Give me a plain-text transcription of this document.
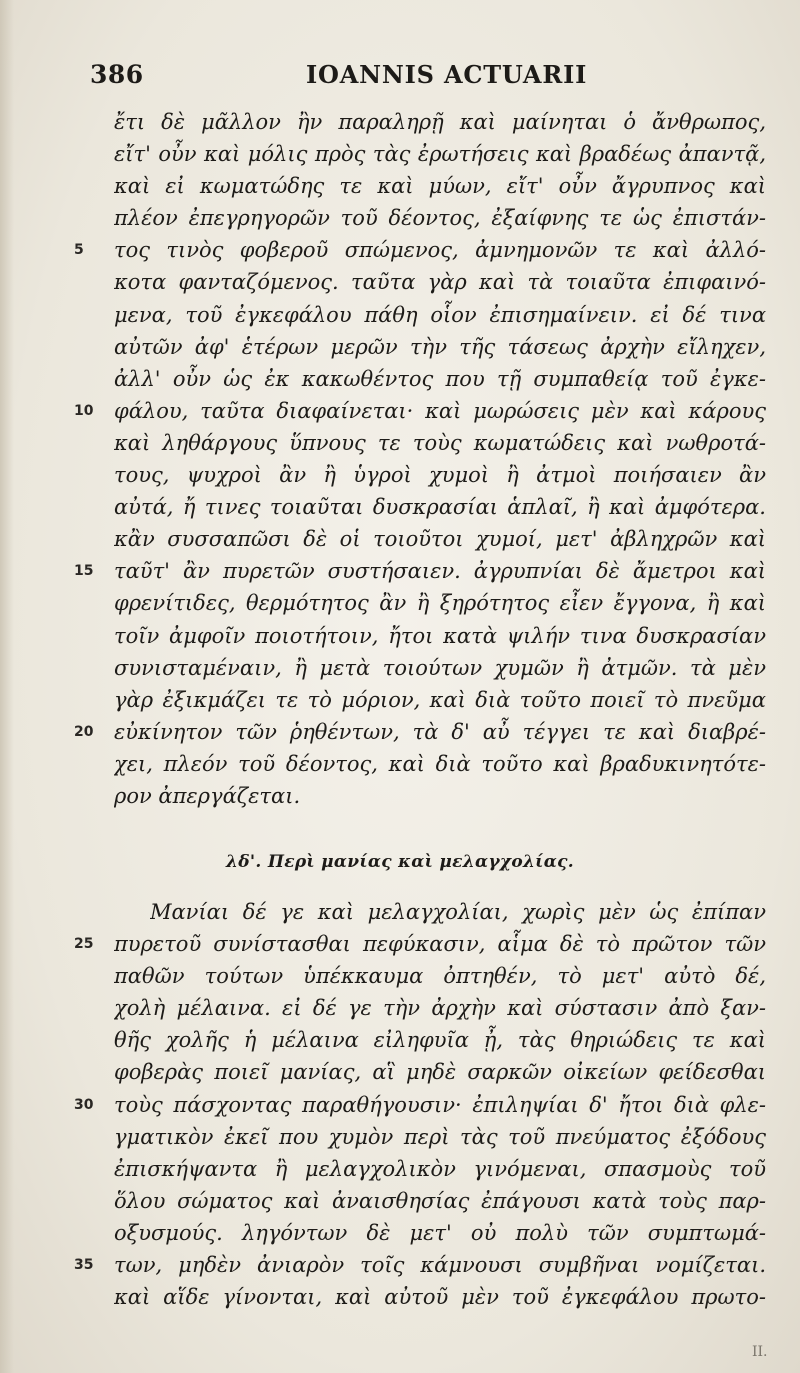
386	IOANNIS ACTUARII
ἔτι δὲ μᾶλλον ἢν παραληρῇ καὶ μαίνηται ὁ ἄνθρωπος,
εἴτ' οὖν καὶ μόλις πρὸς τὰς ἐρωτήσεις καὶ βραδέως ἀπαντᾷ,
καὶ εἰ κωματώδης τε καὶ μύων, εἴτ' οὖν ἄγρυπνος καὶ
πλέον ἐπεγρηγορῶν τοῦ δέοντος, ἐξαίφνης τε ὡς ἐπιστάν-
5 τος τινὸς φοβεροῦ σπώμενος, ἀμνημονῶν τε καὶ ἀλλό-
κοτα φανταζόμενος. ταῦτα γὰρ καὶ τὰ τοιαῦτα ἐπιφαινό-
μενα, τοῦ ἐγκεφάλου πάθη οἷον ἐπισημαίνειν. εἰ δέ τινα
αὐτῶν ἀφ' ἑτέρων μερῶν τὴν τῆς τάσεως ἀρχὴν εἴληχεν,
ἀλλ' οὖν ὡς ἐκ κακωθέντος που τῇ συμπαθείᾳ τοῦ ἐγκε-
10 φάλου, ταῦτα διαφαίνεται· καὶ μωρώσεις μὲν καὶ κάρους
καὶ ληθάργους ὕπνους τε τοὺς κωματώδεις καὶ νωθροτά-
τους, ψυχροὶ ἂν ἢ ὑγροὶ χυμοὶ ἢ ἀτμοὶ ποιήσαιεν ἂν
αὐτά, ἤ τινες τοιαῦται δυσκρασίαι ἁπλαῖ, ἢ καὶ ἀμφότερα.
κἂν συσσαπῶσι δὲ οἱ τοιοῦτοι χυμοί, μετ' ἀβληχρῶν καὶ
15 ταῦτ' ἂν πυρετῶν συστήσαιεν. ἀγρυπνίαι δὲ ἄμετροι καὶ
φρενίτιδες, θερμότητος ἂν ἢ ξηρότητος εἶεν ἔγγονα, ἢ καὶ
τοῖν ἀμφοῖν ποιοτήτοιν, ἤτοι κατὰ ψιλήν τινα δυσκρασίαν
συνισταμέναιν, ἢ μετὰ τοιούτων χυμῶν ἢ ἀτμῶν. τὰ μὲν
γὰρ ἐξικμάζει τε τὸ μόριον, καὶ διὰ τοῦτο ποιεῖ τὸ πνεῦμα
20 εὐκίνητον τῶν ῥηθέντων, τὰ δ' αὖ τέγγει τε καὶ διαβρέ-
χει, πλεόν τοῦ δέοντος, καὶ διὰ τοῦτο καὶ βραδυκινητότε-
ρον ἀπεργάζεται.
λδ'. Περὶ μανίας καὶ μελαγχολίας.
Μανίαι δέ γε καὶ μελαγχολίαι, χωρὶς μὲν ὡς ἐπίπαν
25 πυρετοῦ συνίστασθαι πεφύκασιν, αἷμα δὲ τὸ πρῶτον τῶν
παθῶν τούτων ὑπέκκαυμα ὀπτηθέν, τὸ μετ' αὐτὸ δέ,
χολὴ μέλαινα. εἰ δέ γε τὴν ἀρχὴν καὶ σύστασιν ἀπὸ ξαν-
θῆς χολῆς ἡ μέλαινα εἰληφυῖα ᾖ, τὰς θηριώδεις τε καὶ
φοβερὰς ποιεῖ μανίας, αἳ μηδὲ σαρκῶν οἰκείων φείδεσθαι
30 τοὺς πάσχοντας παραθήγουσιν· ἐπιληψίαι δ' ἤτοι διὰ φλε-
γματικὸν ἐκεῖ που χυμὸν περὶ τὰς τοῦ πνεύματος ἐξόδους
ἐπισκήψαντα ἢ μελαγχολικὸν γινόμεναι, σπασμοὺς τοῦ
ὅλου σώματος καὶ ἀναισθησίας ἐπάγουσι κατὰ τοὺς παρ-
οξυσμούς. ληγόντων δὲ μετ' οὐ πολὺ τῶν συμπτωμά-
35 των, μηδὲν ἀνιαρὸν τοῖς κάμνουσι συμβῆναι νομίζεται.
καὶ αἵδε γίνονται, καὶ αὐτοῦ μὲν τοῦ ἐγκεφάλου πρωτο-
II.
